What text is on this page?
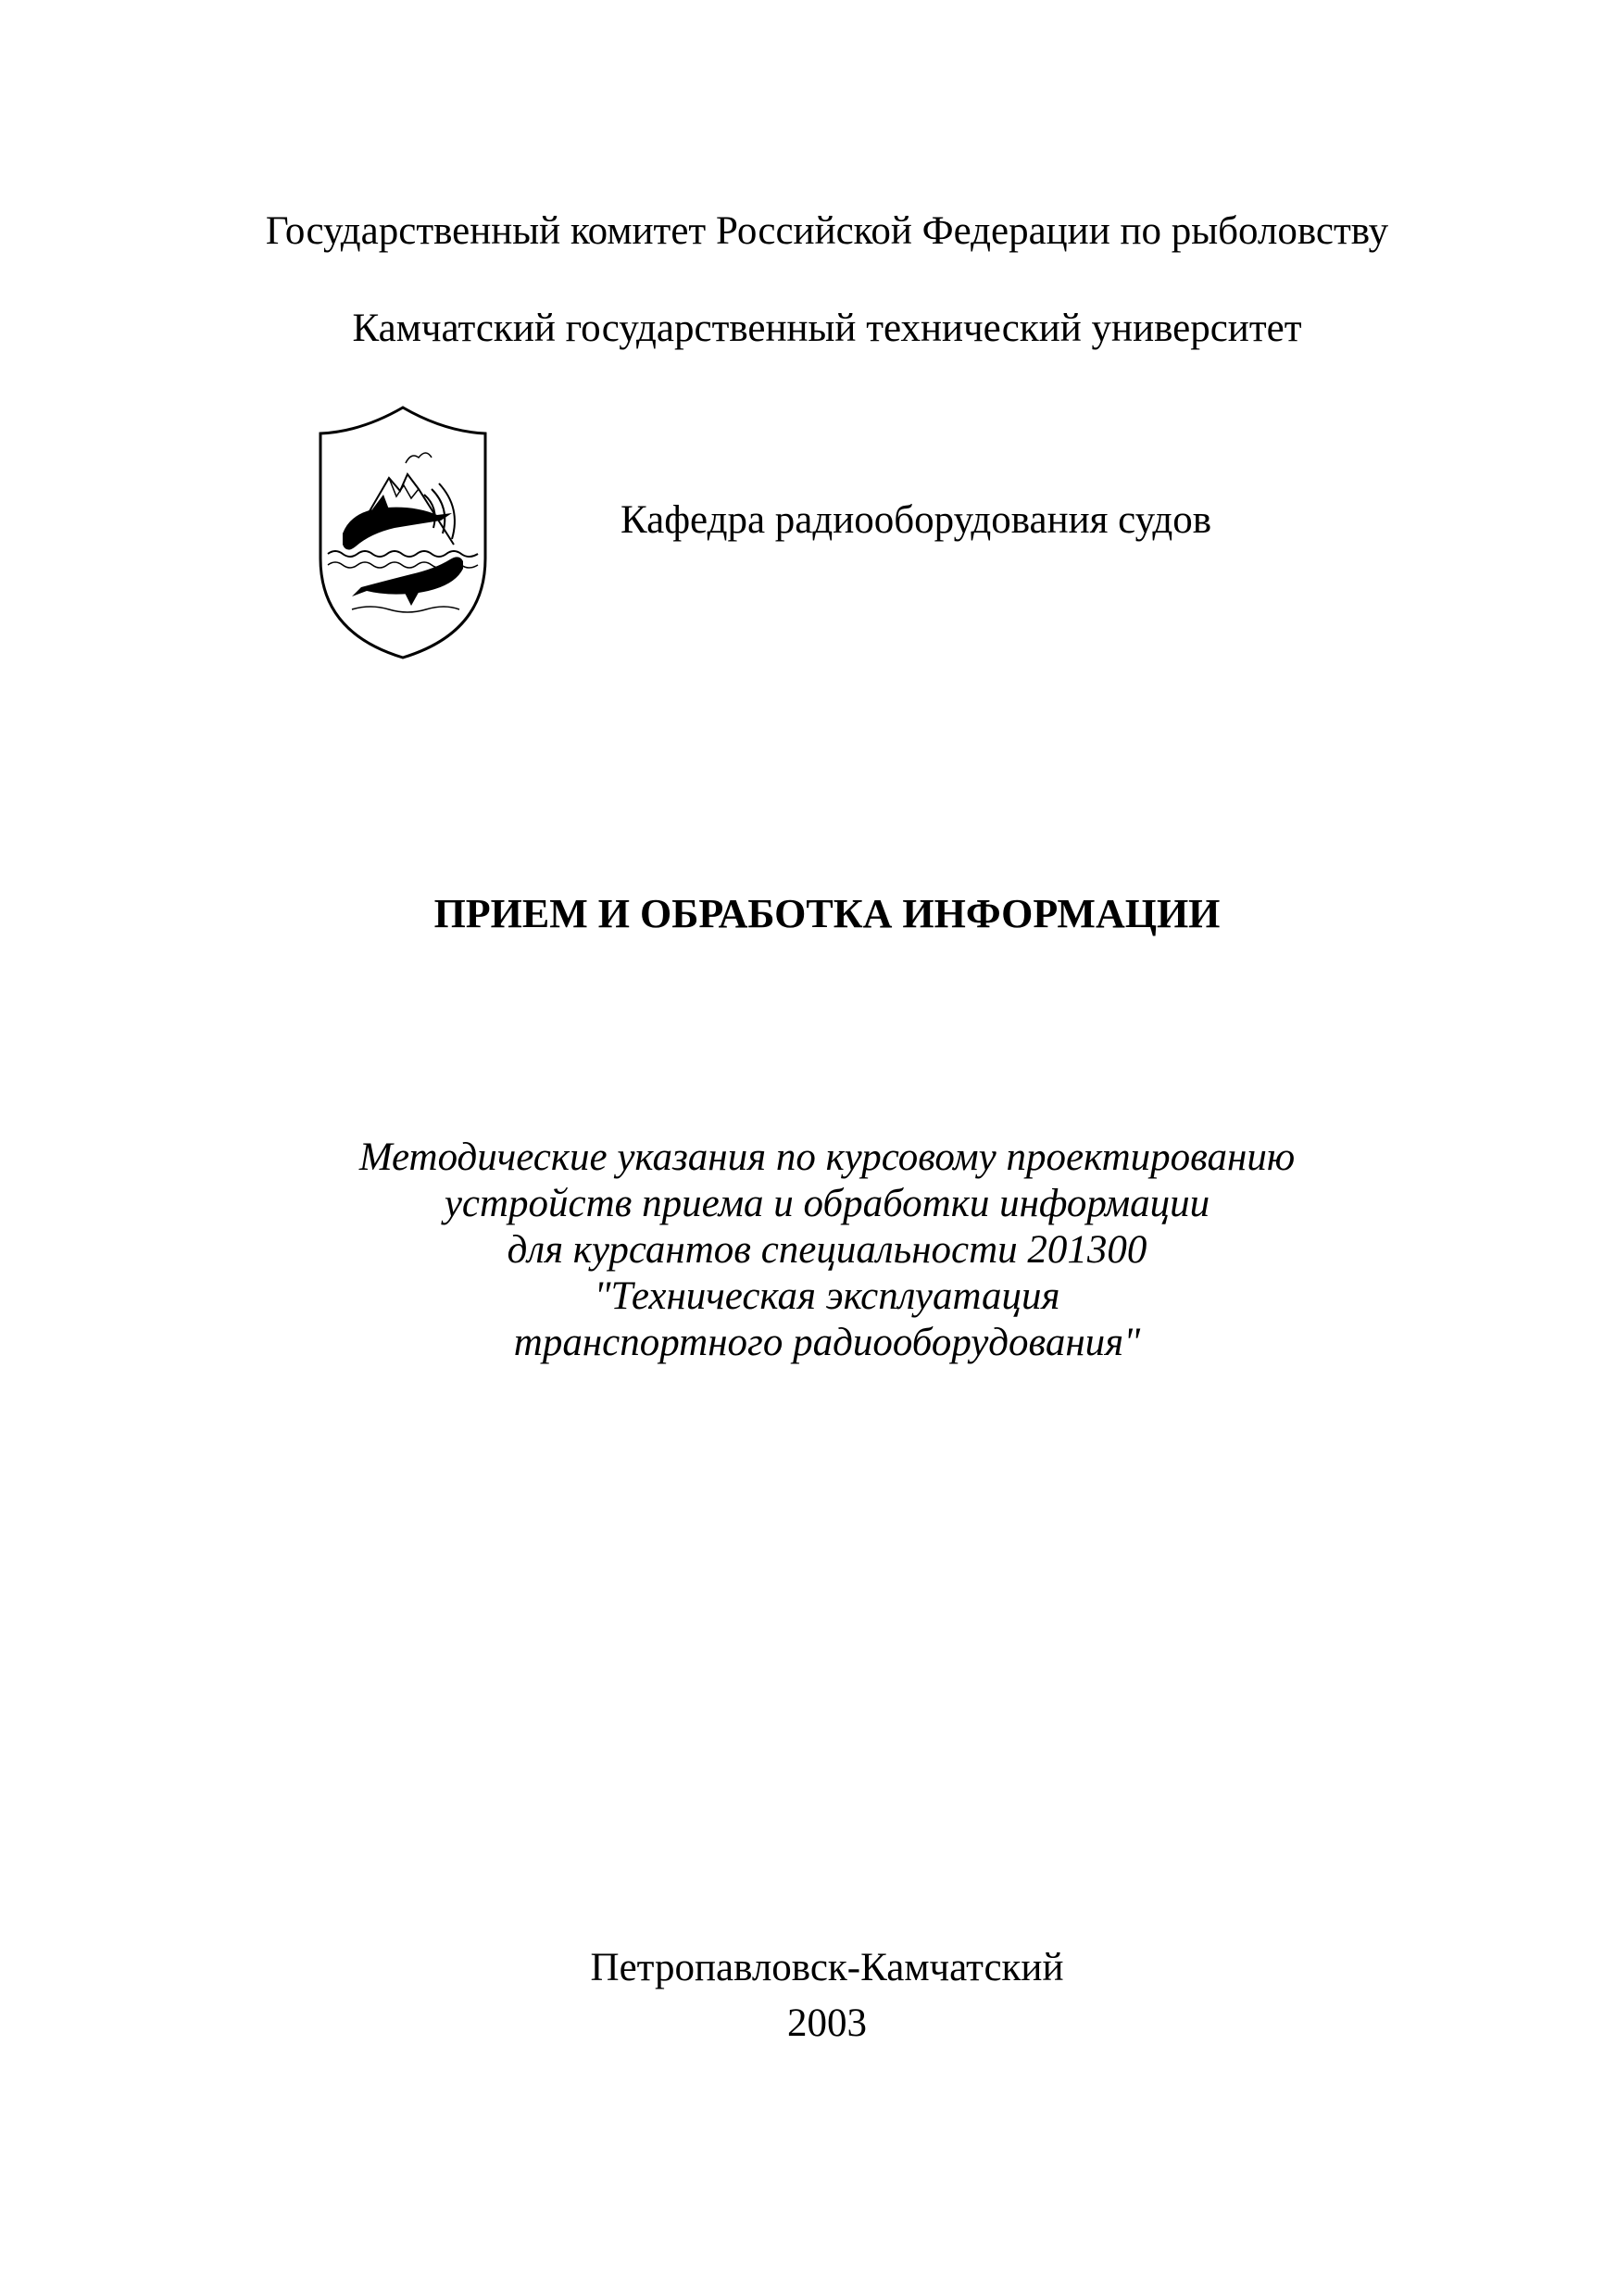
Государственный комитет Российской Федерации по рыболовству
Камчатский государственный технический университет
Кафедра радиооборудования судов
ПРИЕМ И ОБРАБОТКА ИНФОРМАЦИИ
Методические указания по курсовому проектированию
устройств приема и обработки информации
для курсантов специальности 201300
"Техническая эксплуатация
транспортного радиооборудования"
Петропавловск-Камчатский
2003
